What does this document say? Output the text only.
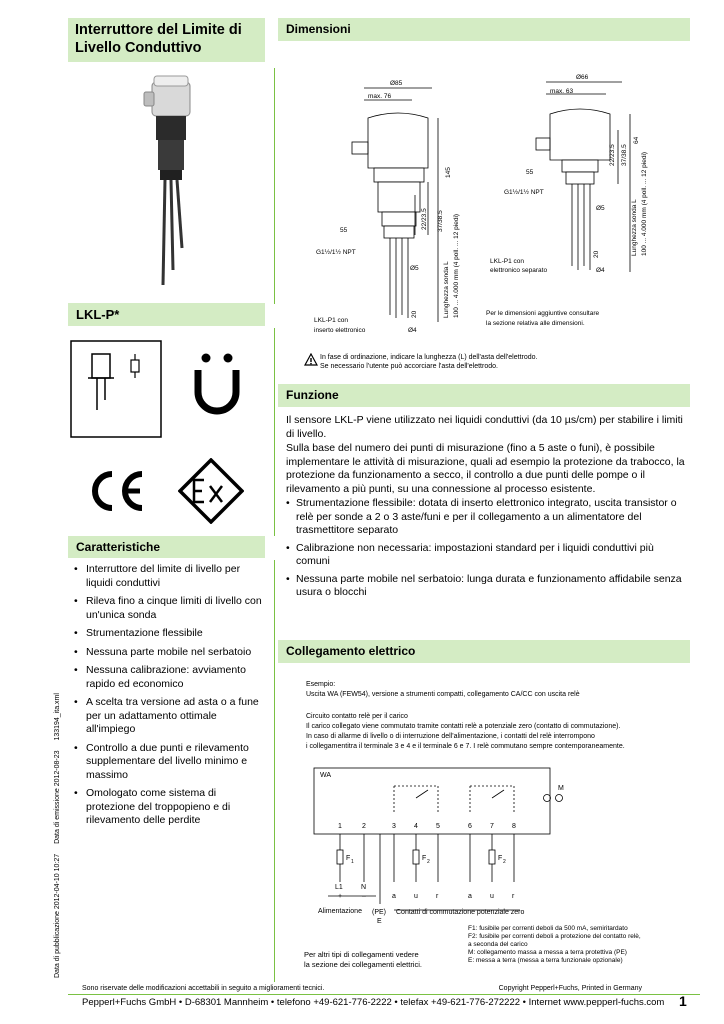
Interruttore del Limite di Livello Conduttivo
Dimensioni
LKL-P*
Funzione
Caratteristiche
Collegamento elettrico
Data di pubblicazione 2012-04-10 10:27 Data di emissione 2012-08-23 133194_ita.xml
Ø85
max. 76
145
37/38.5
22/23.5
55
G1½/1½ NPT
Ø5
20
Ø4
Lunghezza sonda L 100 ... 4.000 mm (4 poll. ... 12 piedi)
LKL-P1 con
inserto elettronico
Ø66
max. 63
64
37/38.5
22/23.5
55
G1½/1½ NPT
Ø5
20
Ø4
Lunghezza sonda L 100 ... 4.000 mm (4 poll. ... 12 piedi)
LKL-P1 con
elettronico separato
Per le dimensioni aggiuntive consultare
la sezione relativa alle dimensioni.
In fase di ordinazione, indicare la lunghezza (L) dell'asta dell'elettrodo.
Se necessario l'utente può accorciare l'asta dell'elettrodo.

Il sensore LKL-P viene utilizzato nei liquidi conduttivi (da 10 µs/cm) per stabilire i limiti di livello.

Sulla base del numero dei punti di misurazione (fino a 5 aste o funi), è possibile implementare le attività di misurazione, quali ad esempio la protezione da trabocco, la protezione da funzionamento a secco, il controllo a due punti delle pompe o il rilevamento a più punti, su una connessione al processo esistente.

• Strumentazione flessibile: dotata di inserto elettronico integrato, uscita transistor o relè per sonde a 2 o 3 aste/funi e per il collegamento a un alimentatore del trasmettitore separato
• Calibrazione non necessaria: impostazioni standard per i liquidi conduttivi più comuni
• Nessuna parte mobile nel serbatoio: lunga durata e funzionamento affidabile senza usura o blocchi
• Interruttore del limite di livello per liquidi conduttivi
• Rileva fino a cinque limiti di livello con un'unica sonda
• Strumentazione flessibile
• Nessuna parte mobile nel serbatoio
• Nessuna calibrazione: avviamento rapido ed economico
• A scelta tra versione ad asta o a fune per un adattamento ottimale all'impiego
• Controllo a due punti e rilevamento supplementare del livello minimo e massimo
• Omologato come sistema di protezione del troppopieno e di rilevamento delle perdite
Esempio:
Uscita WA (FEW54), versione a strumenti compatti, collegamento CA/CC con uscita relè
Circuito contatto relè per il carico
Il carico collegato viene commutato tramite contatti relè a potenziale zero (contatto di commutazione).
In caso di allarme di livello o di interruzione dell'alimentazione, i contatti del relè interrompono
i collegamentitra il terminale 3 e 4 e il terminale 6 e 7. I relè commutano sempre contemporaneamente.
WA
M
1	2	3	4	5	6	7	8
F 1	F 2	F 2
L1	N
+	–	a	u	r	a	u	r
Alimentazione (PE)
E
Contatti di commutazione potenziale zero
F1: fusibile per correnti deboli da 500 mA, semiritardato
F2: fusibile per correnti deboli a protezione del contatto relè,
a seconda del carico
M: collegamento massa a messa a terra protettiva (PE)
E: messa a terra (messa a terra funzionale opzionale)
Per altri tipi di collegamenti vedere
la sezione dei collegamenti elettrici.
Sono riservate delle modificazioni accettabili in seguito a miglioramenti tecnici.	Copyright Pepperl+Fuchs, Printed in Germany
Pepperl+Fuchs GmbH • D-68301 Mannheim • telefono +49-621-776-2222 • telefax +49-621-776-272222 • Internet www.pepperl-fuchs.com 1
